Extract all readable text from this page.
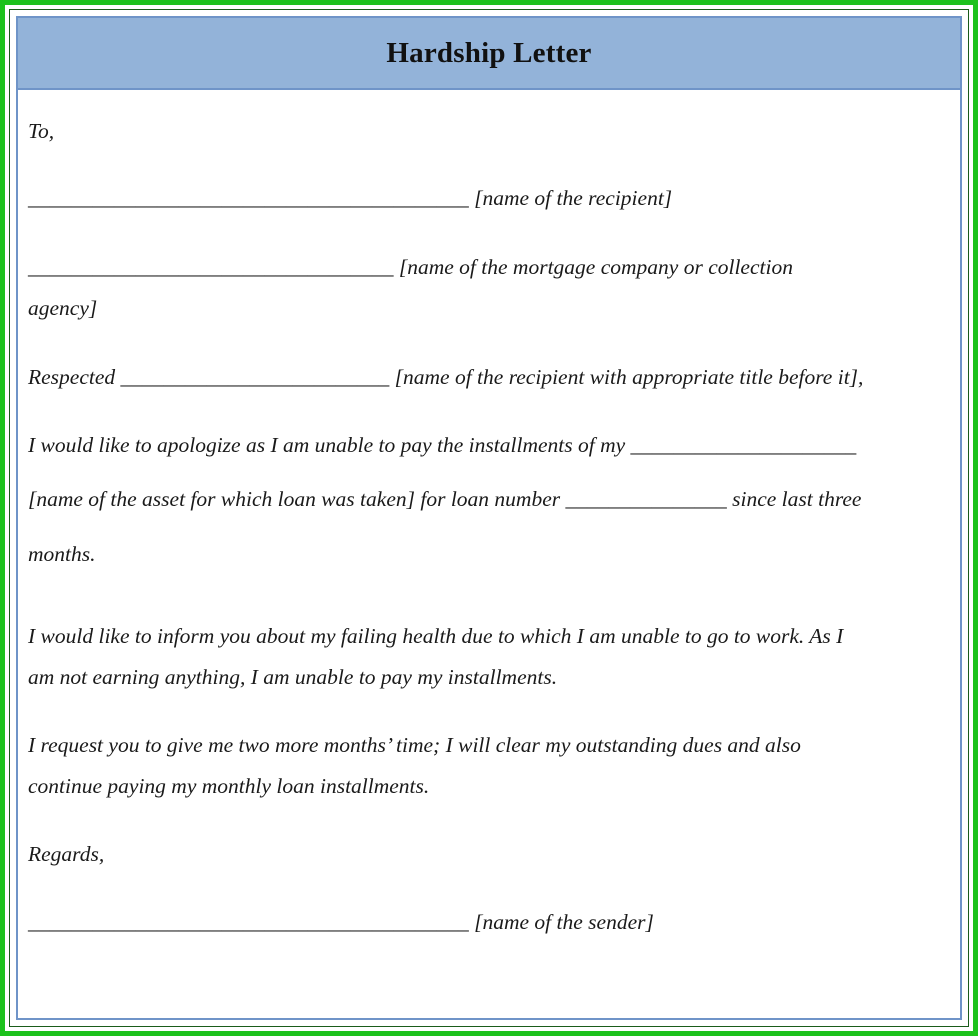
Hardship Letter
To,
_________________________________________ [name of the recipient]
__________________________________ [name of the mortgage company or collection
agency]
Respected _________________________ [name of the recipient with appropriate title before it],
I would like to apologize as I am unable to pay the installments of my _____________________
[name of the asset for which loan was taken] for loan number _______________ since last three
months.
I would like to inform you about my failing health due to which I am unable to go to work. As I
am not earning anything, I am unable to pay my installments.
I request you to give me two more months’ time; I will clear my outstanding dues and also
continue paying my monthly loan installments.
Regards,
_________________________________________ [name of the sender]
